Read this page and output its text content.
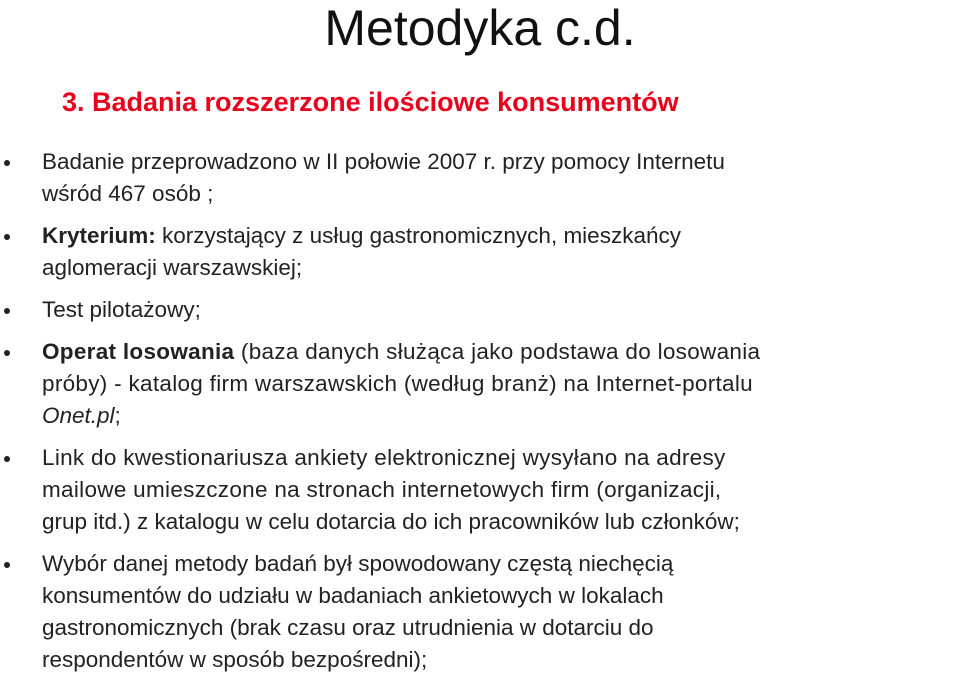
Metodyka c.d.
3. Badania rozszerzone ilościowe konsumentów
Badanie przeprowadzono w II połowie 2007 r. przy pomocy Internetu
wśród 467 osób ;
Kryterium: korzystający z usług gastronomicznych, mieszkańcy
aglomeracji warszawskiej;
Test pilotażowy;
Operat losowania (baza danych służąca jako podstawa do losowania
próby) - katalog firm warszawskich (według branż) na Internet-portalu
Onet.pl;
Link do kwestionariusza ankiety elektronicznej wysyłano na adresy
mailowe umieszczone na stronach internetowych firm (organizacji,
grup itd.) z katalogu w celu dotarcia do ich pracowników lub członków;
Wybór danej metody badań był spowodowany częstą niechęcią
konsumentów do udziału w badaniach ankietowych w lokalach
gastronomicznych (brak czasu oraz utrudnienia w dotarciu do
respondentów w sposób bezpośredni);
